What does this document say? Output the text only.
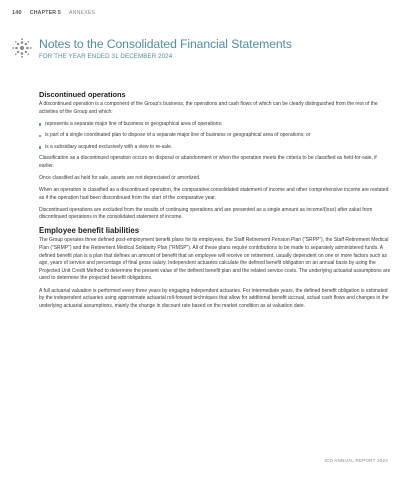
140 CHAPTER 5 ANNEXES
Notes to the Consolidated Financial Statements
FOR THE YEAR ENDED 31 DECEMBER 2024
Discontinued operations

A discontinued operation is a component of the Group's business, the operations and cash flows of which can be clearly distinguished from the rest of the activities of the Group and which:

represents a separate major line of business or geographical area of operations;
is part of a single coordinated plan to dispose of a separate major line of business or geographical area of operations; or
is a subsidiary acquired exclusively with a view to re-sale.

Classification as a discontinued operation occurs on disposal or abandonment or when the operation meets the criteria to be classified as held-for-sale, if earlier.

Once classified as held for sale, assets are not depreciated or amortized.

When an operation is classified as a discontinued operation, the comparative consolidated statement of income and other comprehensive income are restated as if the operation had been discontinued from the start of the comparative year.

Discontinued operations are excluded from the results of continuing operations and are presented as a single amount as income/(loss) after zakat from discontinued operations in the consolidated statement of income.

Employee benefit liabilities

The Group operates three defined post-employment benefit plans for its employees, the Staff Retirement Pension Plan (“SRPP”), the Staff Retirement Medical Plan (“SRMP”) and the Retirement Medical Solidarity Plan (“RMSP”). All of these plans require contributions to be made to separately administered funds. A defined benefit plan is a plan that defines an amount of benefit that an employee will receive on retirement, usually dependent on one or more factors such as age, years of service and percentage of final gross salary. Independent actuaries calculate the defined benefit obligation on an annual basis by using the Projected Unit Credit Method to determine the present value of the defined benefit plan and the related service costs. The underlying actuarial assumptions are used to determine the projected benefit obligations.

A full actuarial valuation is performed every three years by engaging independent actuaries. For intermediate years, the defined benefit obligation is estimated by the independent actuaries using approximate actuarial roll-forward techniques that allow for additional benefit accrual, actual cash flows and changes in the underlying actuarial assumptions, mainly the change in discount rate based on the market condition as at valuation date.

ICD ANNUAL REPORT 2024
